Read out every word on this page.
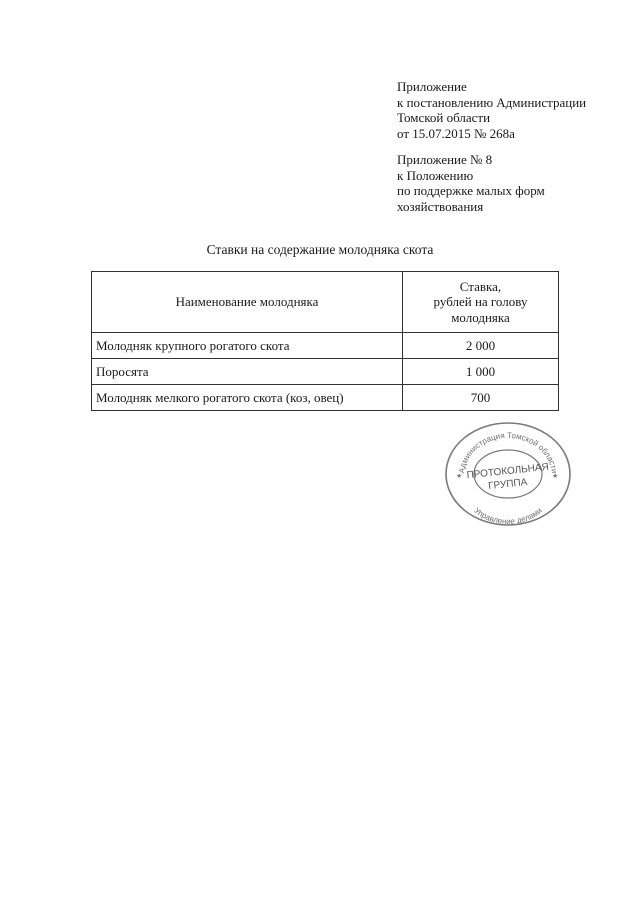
Приложение
к постановлению Администрации
Томской области
от 15.07.2015 № 268а
Приложение № 8
к Положению
по поддержке малых форм
хозяйствования
Ставки на содержание молодняка скота
Наименование молодняка	Ставка,
рублей на голову
молодняка

Молодняк крупного рогатого скота	2 000
Поросята	1 000
Молодняк мелкого рогатого скота (коз, овец)	700
Администрация Томской области
Управление делами
★	★
ПРОТОКОЛЬНАЯ
ГРУППА
